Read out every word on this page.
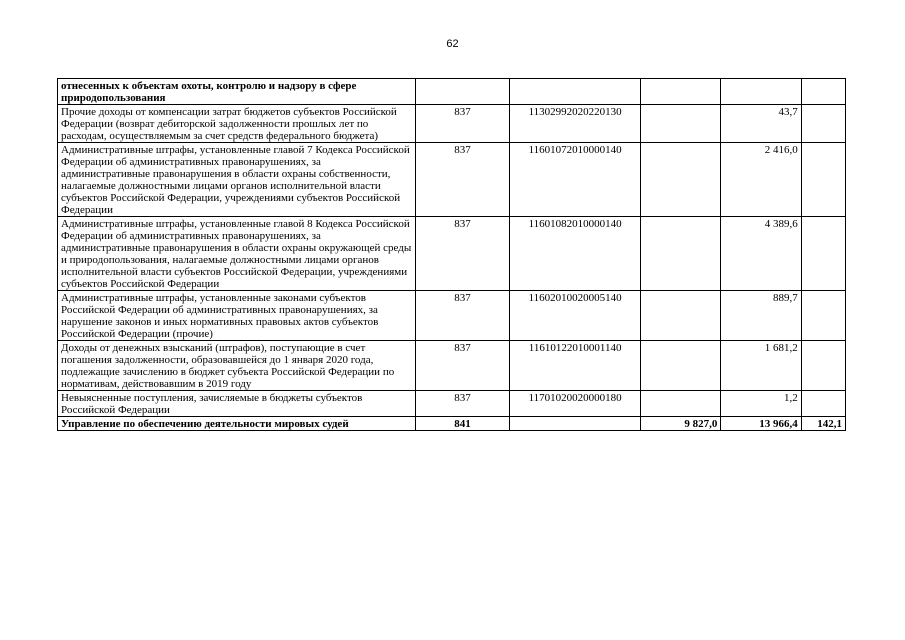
62
отнесенных к объектам охоты, контролю и надзору в сфере природопользования					
Прочие доходы от компенсации затрат бюджетов субъектов Российской Федерации (возврат дебиторской задолженности прошлых лет по расходам, осуществляемым за счет средств федерального бюджета)	837	11302992020220130		43,7	
Административные штрафы, установленные главой 7 Кодекса Российской Федерации об административных правонарушениях, за административные правонарушения в области охраны собственности, налагаемые должностными лицами органов исполнительной власти субъектов Российской Федерации, учреждениями субъектов Российской Федерации	837	11601072010000140		2 416,0	
Административные штрафы, установленные главой 8 Кодекса Российской Федерации об административных правонарушениях, за административные правонарушения в области охраны окружающей среды и природопользования, налагаемые должностными лицами органов исполнительной власти субъектов Российской Федерации, учреждениями субъектов Российской Федерации	837	11601082010000140		4 389,6	
Административные штрафы, установленные законами субъектов Российской Федерации об административных правонарушениях, за нарушение законов и иных нормативных правовых актов субъектов Российской Федерации (прочие)	837	11602010020005140		889,7	
Доходы от денежных взысканий (штрафов), поступающие в счет погашения задолженности, образовавшейся до 1 января 2020 года, подлежащие зачислению в бюджет субъекта Российской Федерации по нормативам, действовавшим в 2019 году	837	11610122010001140		1 681,2	
Невыясненные поступления, зачисляемые в бюджеты субъектов Российской Федерации	837	11701020020000180		1,2	
Управление по обеспечению деятельности мировых судей	841		9 827,0	13 966,4	142,1
